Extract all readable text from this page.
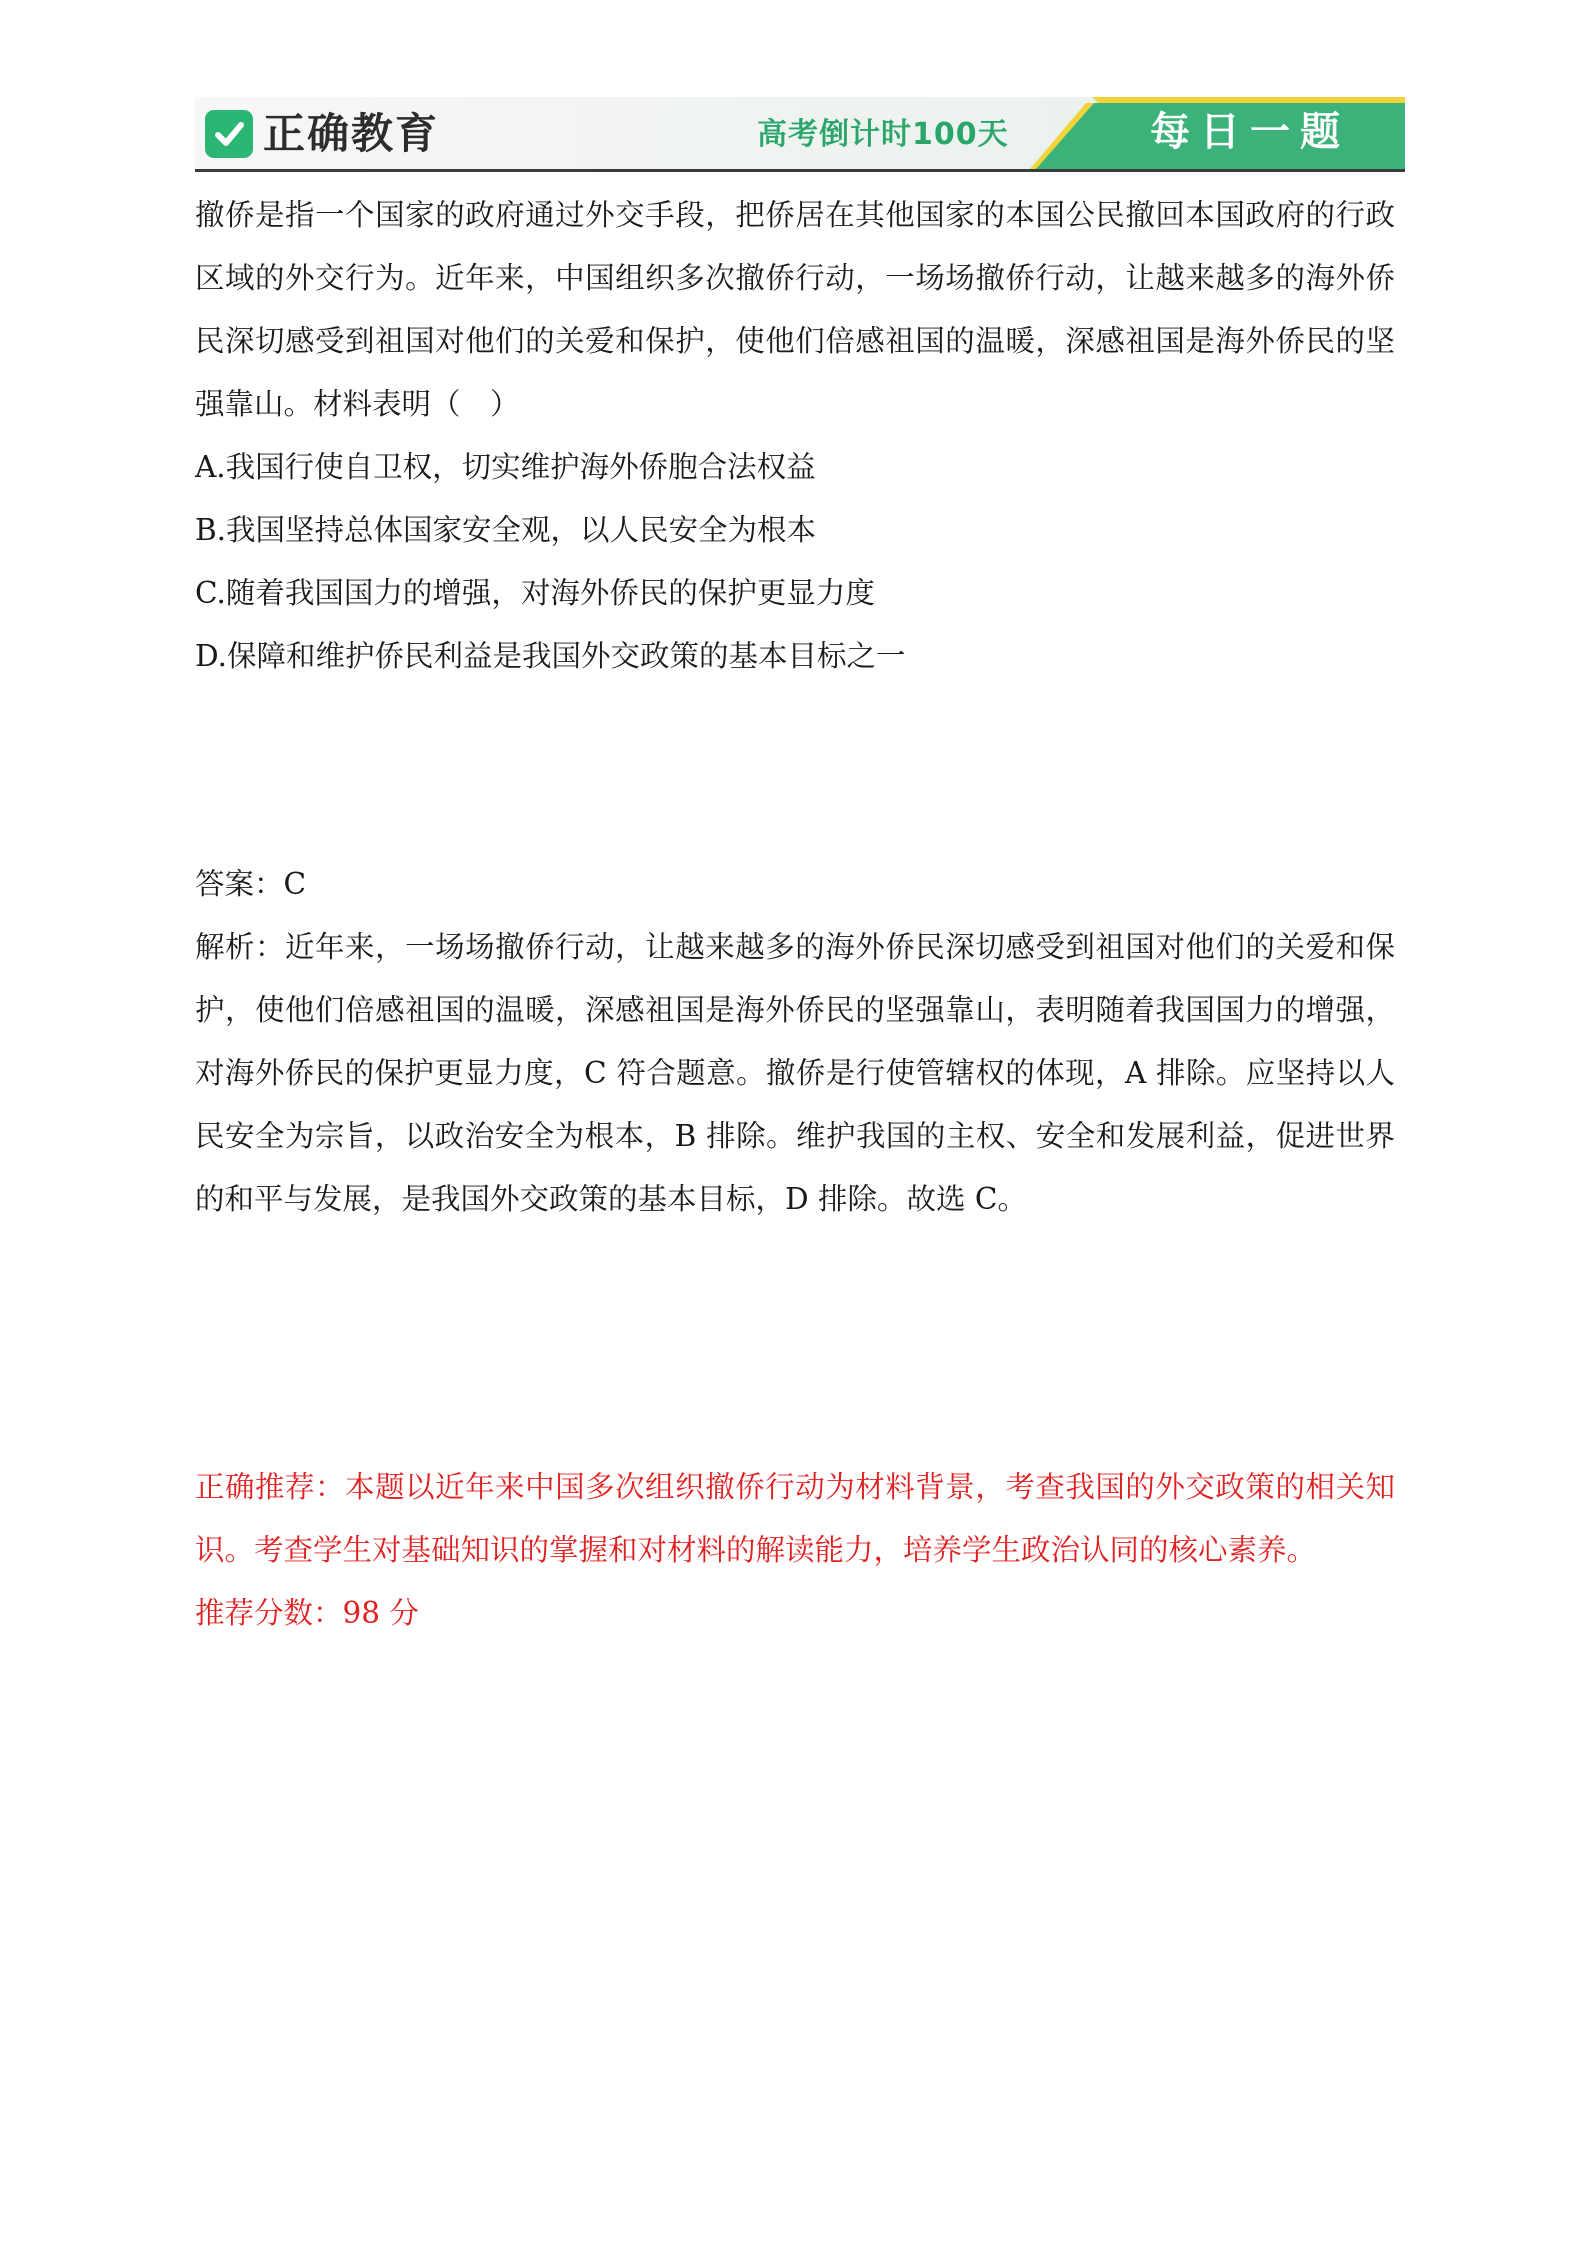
正确教育	高考倒计时100天	每日一题

撤侨是指一个国家的政府通过外交手段，把侨居在其他国家的本国公民撤回本国政府的行政区域的外交行为。近年来，中国组织多次撤侨行动，一场场撤侨行动，让越来越多的海外侨民深切感受到祖国对他们的关爱和保护，使他们倍感祖国的温暖，深感祖国是海外侨民的坚强靠山。材料表明（　）

A.我国行使自卫权，切实维护海外侨胞合法权益

B.我国坚持总体国家安全观，以人民安全为根本

C.随着我国国力的增强，对海外侨民的保护更显力度

D.保障和维护侨民利益是我国外交政策的基本目标之一

答案：C

解析：近年来，一场场撤侨行动，让越来越多的海外侨民深切感受到祖国对他们的关爱和保护，使他们倍感祖国的温暖，深感祖国是海外侨民的坚强靠山，表明随着我国国力的增强，对海外侨民的保护更显力度，C 符合题意。撤侨是行使管辖权的体现，A 排除。应坚持以人民安全为宗旨，以政治安全为根本，B 排除。维护我国的主权、安全和发展利益，促进世界的和平与发展，是我国外交政策的基本目标，D 排除。故选 C。

正确推荐：本题以近年来中国多次组织撤侨行动为材料背景，考查我国的外交政策的相关知识。考查学生对基础知识的掌握和对材料的解读能力，培养学生政治认同的核心素养。

推荐分数：98 分
